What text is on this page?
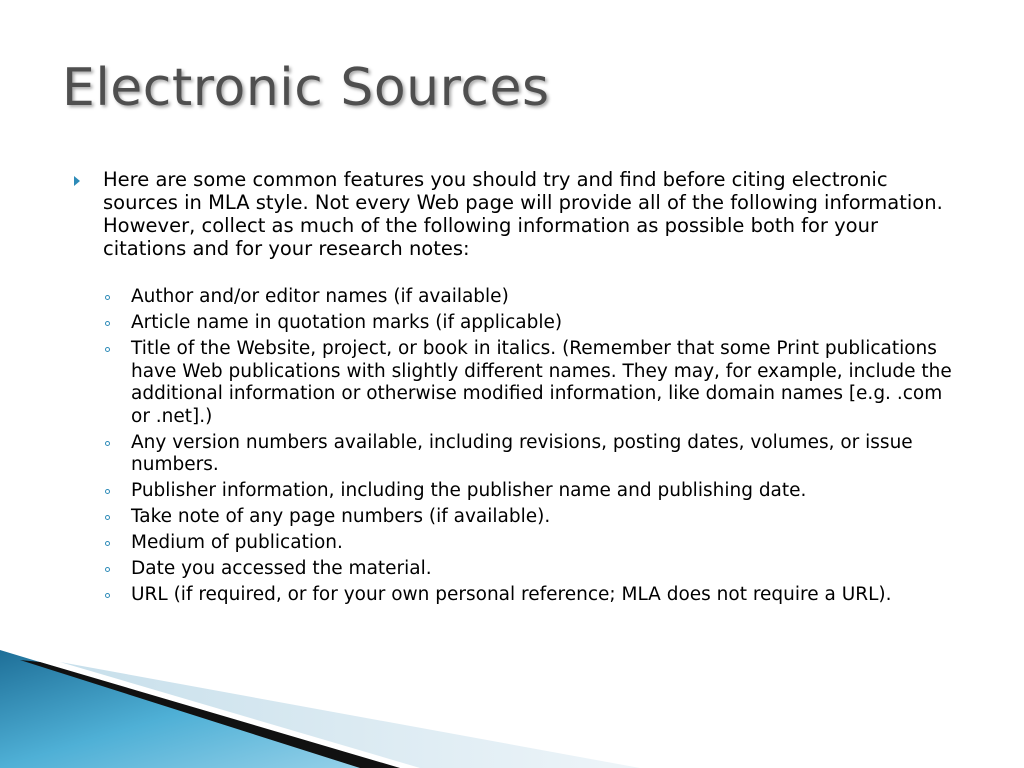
Electronic Sources

Here are some common features you should try and find before citing electronic sources in MLA style. Not every Web page will provide all of the following information. However, collect as much of the following information as possible both for your citations and for your research notes:

Author and/or editor names (if available)
Article name in quotation marks (if applicable)
Title of the Website, project, or book in italics. (Remember that some Print publications have Web publications with slightly different names. They may, for example, include the additional information or otherwise modified information, like domain names [e.g. .com or .net].)
Any version numbers available, including revisions, posting dates, volumes, or issue numbers.
Publisher information, including the publisher name and publishing date.
Take note of any page numbers (if available).
Medium of publication.
Date you accessed the material.
URL (if required, or for your own personal reference; MLA does not require a URL).
